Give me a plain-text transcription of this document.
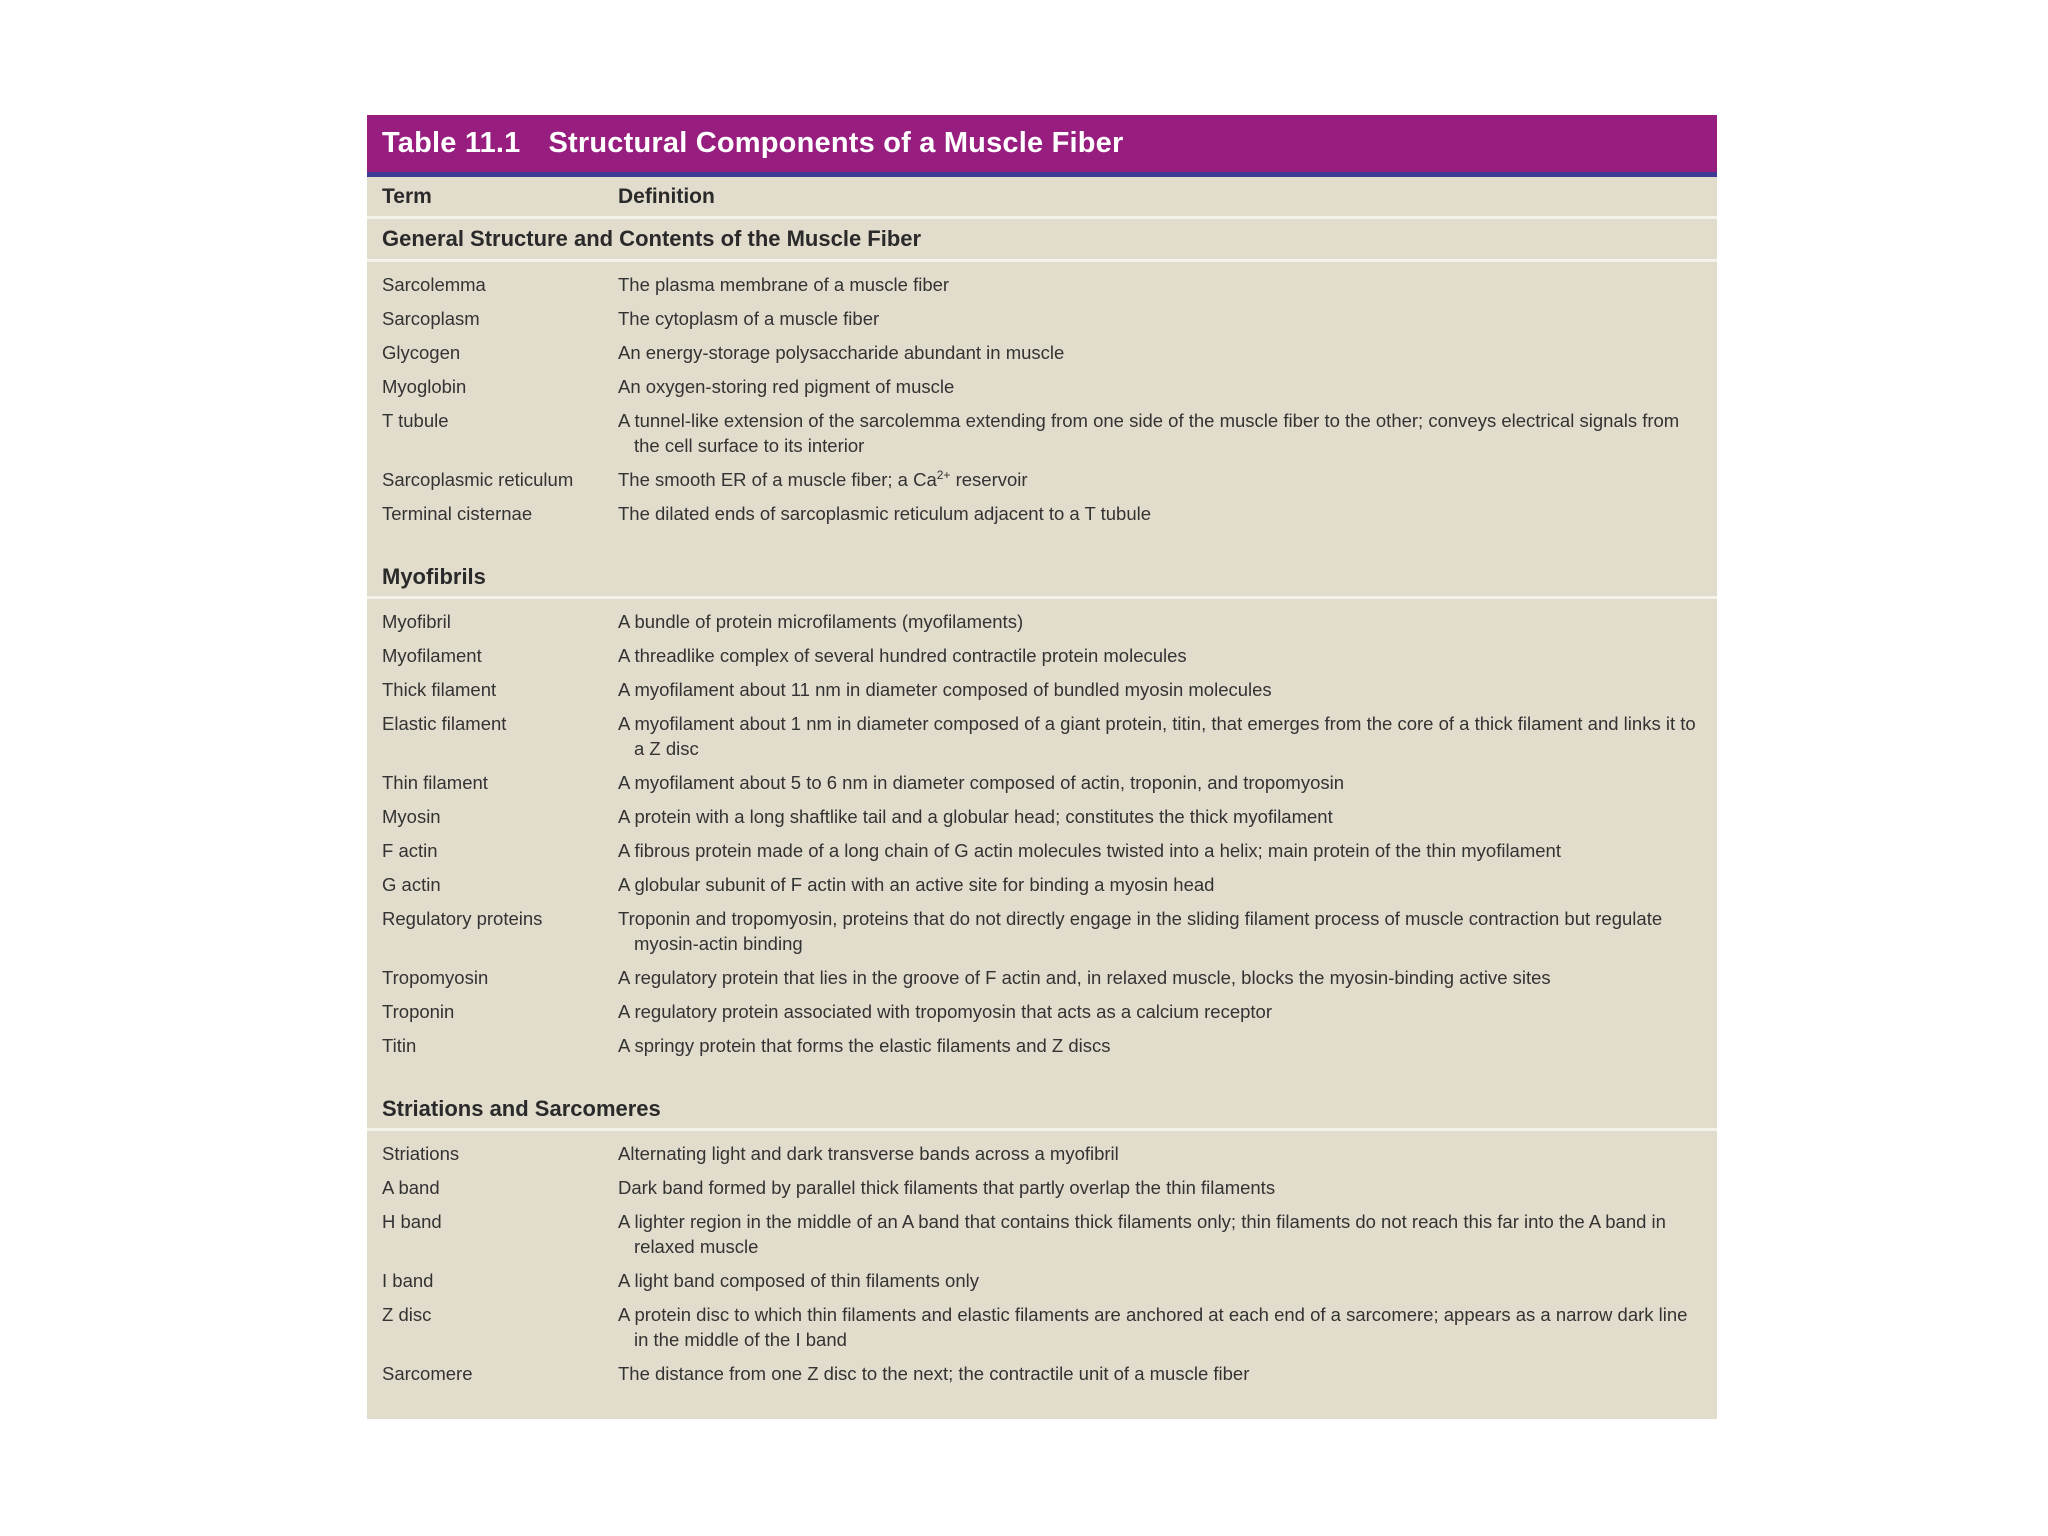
Table 11.1 Structural Components of a Muscle Fiber
Term	Definition
General Structure and Contents of the Muscle Fiber
Sarcolemma	The plasma membrane of a muscle fiber
Sarcoplasm	The cytoplasm of a muscle fiber
Glycogen	An energy-storage polysaccharide abundant in muscle
Myoglobin	An oxygen-storing red pigment of muscle
T tubule	A tunnel-like extension of the sarcolemma extending from one side of the muscle fiber to the other; conveys electrical signals from the cell surface to its interior
Sarcoplasmic reticulum	The smooth ER of a muscle fiber; a $Ca^{2+}$ reservoir
Terminal cisternae	The dilated ends of sarcoplasmic reticulum adjacent to a T tubule
Myofibrils
Myofibril	A bundle of protein microfilaments (myofilaments)
Myofilament	A threadlike complex of several hundred contractile protein molecules
Thick filament	A myofilament about 11 nm in diameter composed of bundled myosin molecules
Elastic filament	A myofilament about 1 nm in diameter composed of a giant protein, titin, that emerges from the core of a thick filament and links it to a Z disc
Thin filament	A myofilament about 5 to 6 nm in diameter composed of actin, troponin, and tropomyosin
Myosin	A protein with a long shaftlike tail and a globular head; constitutes the thick myofilament
F actin	A fibrous protein made of a long chain of G actin molecules twisted into a helix; main protein of the thin myofilament
G actin	A globular subunit of F actin with an active site for binding a myosin head
Regulatory proteins	Troponin and tropomyosin, proteins that do not directly engage in the sliding filament process of muscle contraction but regulate myosin-actin binding
Tropomyosin	A regulatory protein that lies in the groove of F actin and, in relaxed muscle, blocks the myosin-binding active sites
Troponin	A regulatory protein associated with tropomyosin that acts as a calcium receptor
Titin	A springy protein that forms the elastic filaments and Z discs
Striations and Sarcomeres
Striations	Alternating light and dark transverse bands across a myofibril
A band	Dark band formed by parallel thick filaments that partly overlap the thin filaments
H band	A lighter region in the middle of an A band that contains thick filaments only; thin filaments do not reach this far into the A band in relaxed muscle
I band	A light band composed of thin filaments only
Z disc	A protein disc to which thin filaments and elastic filaments are anchored at each end of a sarcomere; appears as a narrow dark line in the middle of the I band
Sarcomere	The distance from one Z disc to the next; the contractile unit of a muscle fiber
